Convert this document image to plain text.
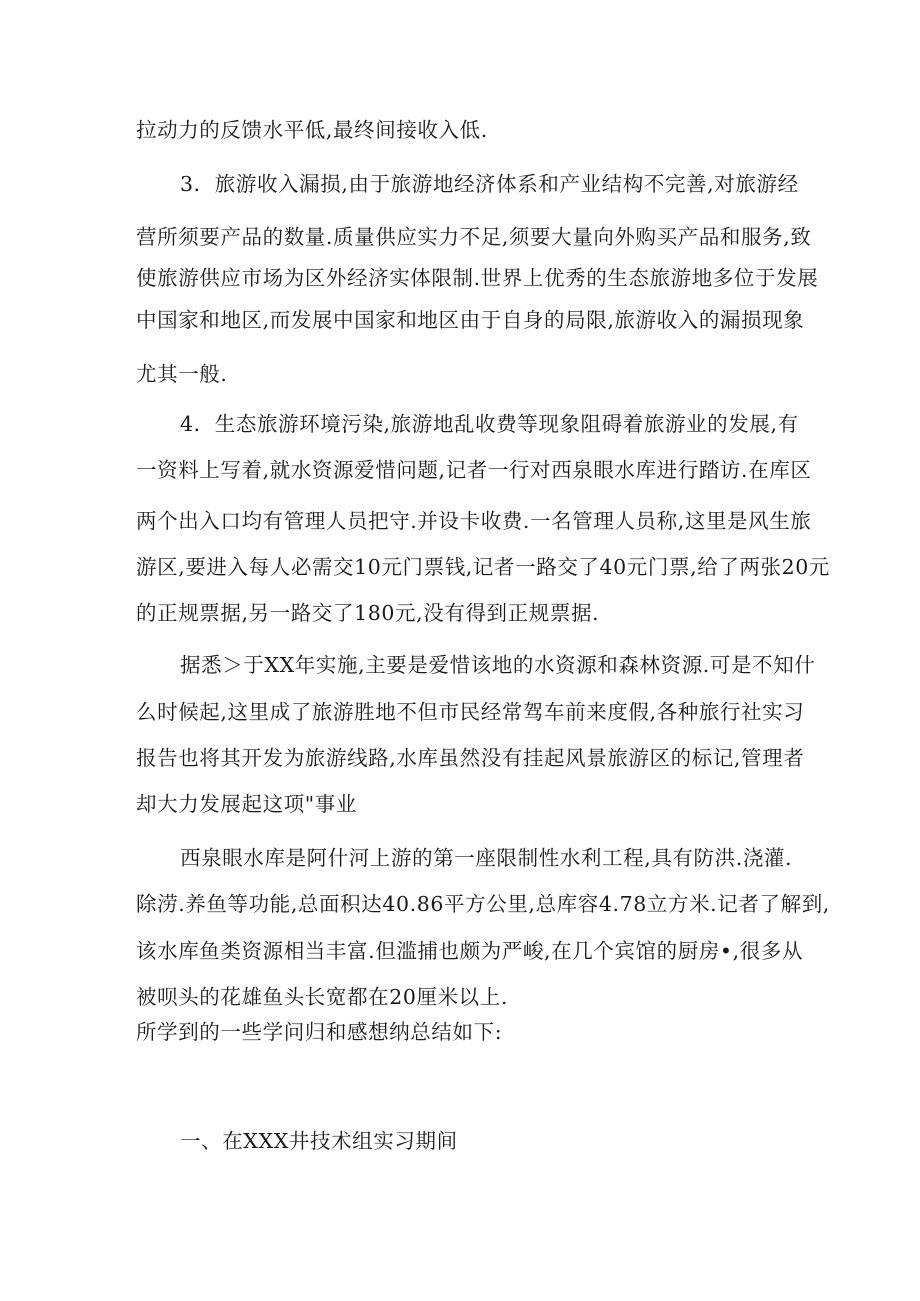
拉动力的反馈水平低,最终间接收入低.
3．旅游收入漏损,由于旅游地经济体系和产业结构不完善,对旅游经
营所须要产品的数量.质量供应实力不足,须要大量向外购买产品和服务,致
使旅游供应市场为区外经济实体限制.世界上优秀的生态旅游地多位于发展
中国家和地区,而发展中国家和地区由于自身的局限,旅游收入的漏损现象
尤其一般.
4．生态旅游环境污染,旅游地乱收费等现象阻碍着旅游业的发展,有
一资料上写着,就水资源爱惜问题,记者一行对西泉眼水库进行踏访.在库区
两个出入口均有管理人员把守.并设卡收费.一名管理人员称,这里是风生旅
游区,要进入每人必需交10元门票钱,记者一路交了40元门票,给了两张20元
的正规票据,另一路交了180元,没有得到正规票据.
据悉＞于XX年实施,主要是爱惜该地的水资源和森林资源.可是不知什
么时候起,这里成了旅游胜地不但市民经常驾车前来度假,各种旅行社实习
报告也将其开发为旅游线路,水库虽然没有挂起风景旅游区的标记,管理者
却大力发展起这项"事业
西泉眼水库是阿什河上游的第一座限制性水利工程,具有防洪.浇灌.
除涝.养鱼等功能,总面积达40.86平方公里,总库容4.78立方米.记者了解到,
该水库鱼类资源相当丰富.但滥捕也颇为严峻,在几个宾馆的厨房•,很多从
被呗头的花雄鱼头长宽都在20厘米以上.
所学到的一些学问归和感想纳总结如下:
一、在XXX井技术组实习期间
